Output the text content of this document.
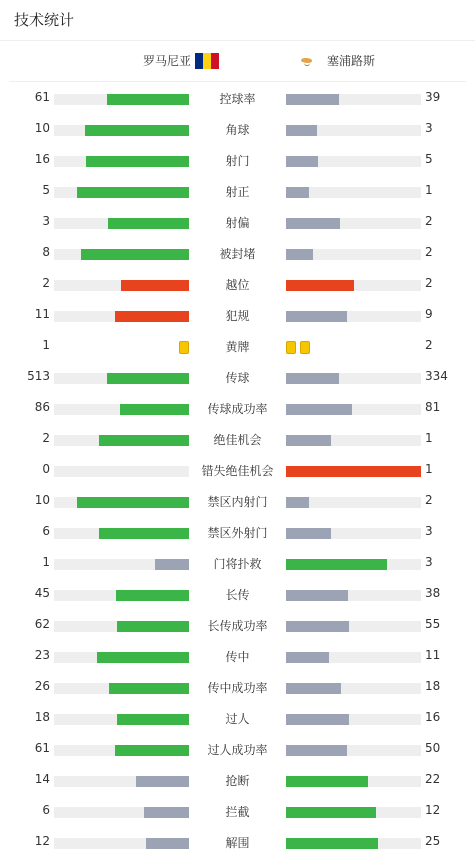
技术统计
罗马尼亚	塞浦路斯
61	控球率	39
10	角球	3
16	射门	5
5	射正	1
3	射偏	2
8	被封堵	2
2	越位	2
11	犯规	9
1	黄牌	2
513	传球	334
86	传球成功率	81
2	绝佳机会	1
0	错失绝佳机会	1
10	禁区内射门	2
6	禁区外射门	3
1	门将扑救	3
45	长传	38
62	长传成功率	55
23	传中	11
26	传中成功率	18
18	过人	16
61	过人成功率	50
14	抢断	22
6	拦截	12
12	解围	25
